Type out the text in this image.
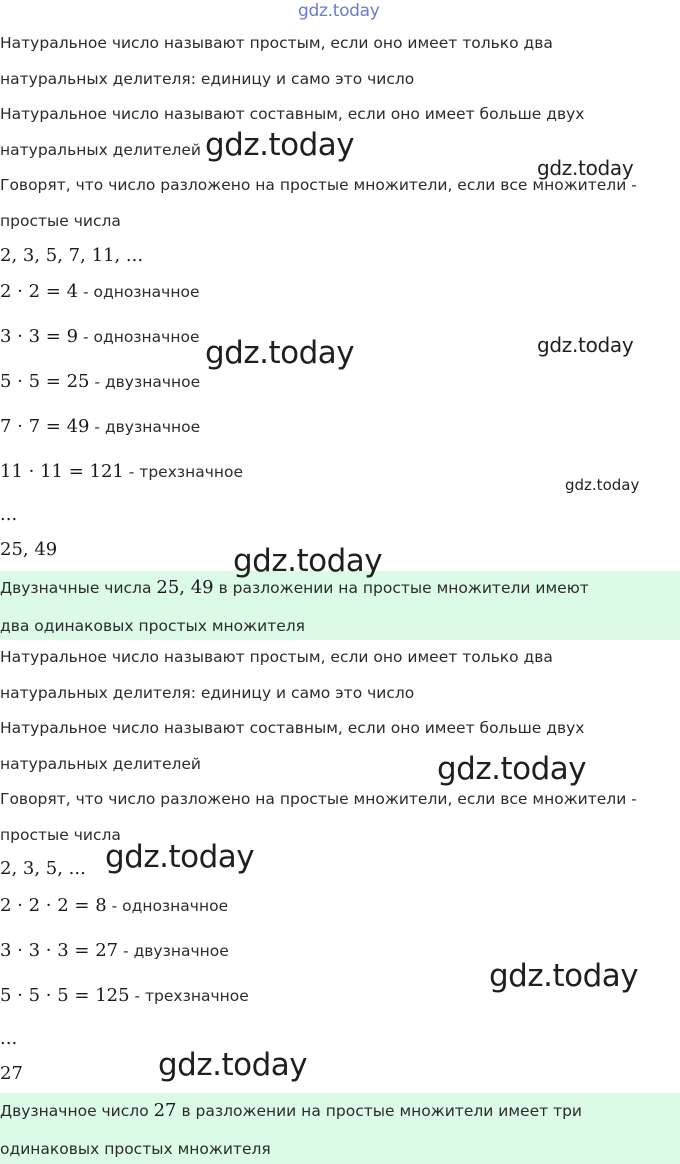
Натуральное число называют простым, если оно имеет только два
натуральных делителя: единицу и само это число
Натуральное число называют составным, если оно имеет больше двух
натуральных делителей
Говорят, что число разложено на простые множители, если все множители -
простые числа
2, 3, 5, 7, 11, ...
2 · 2 = 4 - однозначное
3 · 3 = 9 - однозначное
5 · 5 = 25 - двузначное
7 · 7 = 49 - двузначное
11 · 11 = 121 - трехзначное
...
25, 49
Двузначные числа 25, 49 в разложении на простые множители имеют
два одинаковых простых множителя
Натуральное число называют простым, если оно имеет только два
натуральных делителя: единицу и само это число
Натуральное число называют составным, если оно имеет больше двух
натуральных делителей
Говорят, что число разложено на простые множители, если все множители -
простые числа
2, 3, 5, ...
2 · 2 · 2 = 8 - однозначное
3 · 3 · 3 = 27 - двузначное
5 · 5 · 5 = 125 - трехзначное
...
27
Двузначное число 27 в разложении на простые множители имеет три
одинаковых простых множителя
gdz.today
gdz.today
gdz.today
gdz.today	gdz.today
gdz.today
gdz.today
gdz.today
gdz.today
gdz.today
gdz.today
